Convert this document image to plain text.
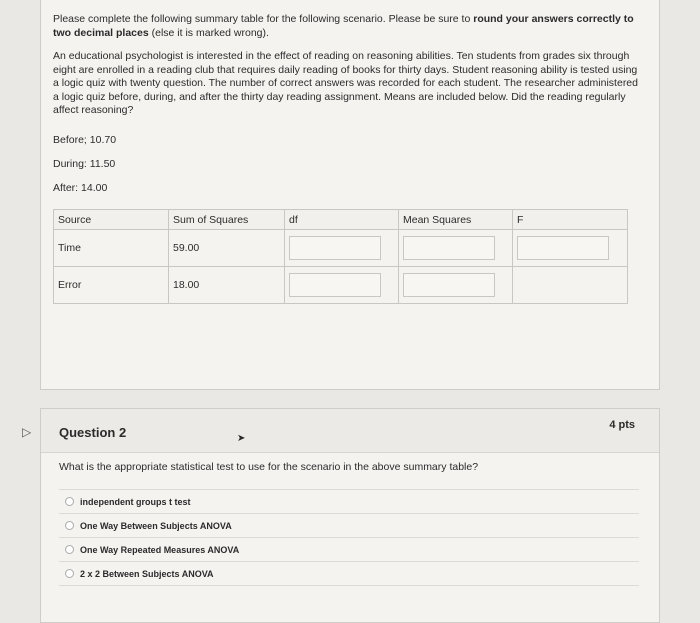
Please complete the following summary table for the following scenario. Please be sure to round your answers correctly to two decimal places (else it is marked wrong).
An educational psychologist is interested in the effect of reading on reasoning abilities. Ten students from grades six through eight are enrolled in a reading club that requires daily reading of books for thirty days. Student reasoning ability is tested using a logic quiz with twenty question. The number of correct answers was recorded for each student. The researcher administered a logic quiz before, during, and after the thirty day reading assignment. Means are included below. Did the reading regularly affect reasoning?
Before; 10.70
During: 11.50
After: 14.00
Source	Sum of Squares	df	Mean Squares	F
Time	59.00	

Error	18.00	

▷ Question 2	➤
4 pts
What is the appropriate statistical test to use for the scenario in the above summary table?
independent groups t test
One Way Between Subjects ANOVA
One Way Repeated Measures ANOVA
2 x 2 Between Subjects ANOVA
